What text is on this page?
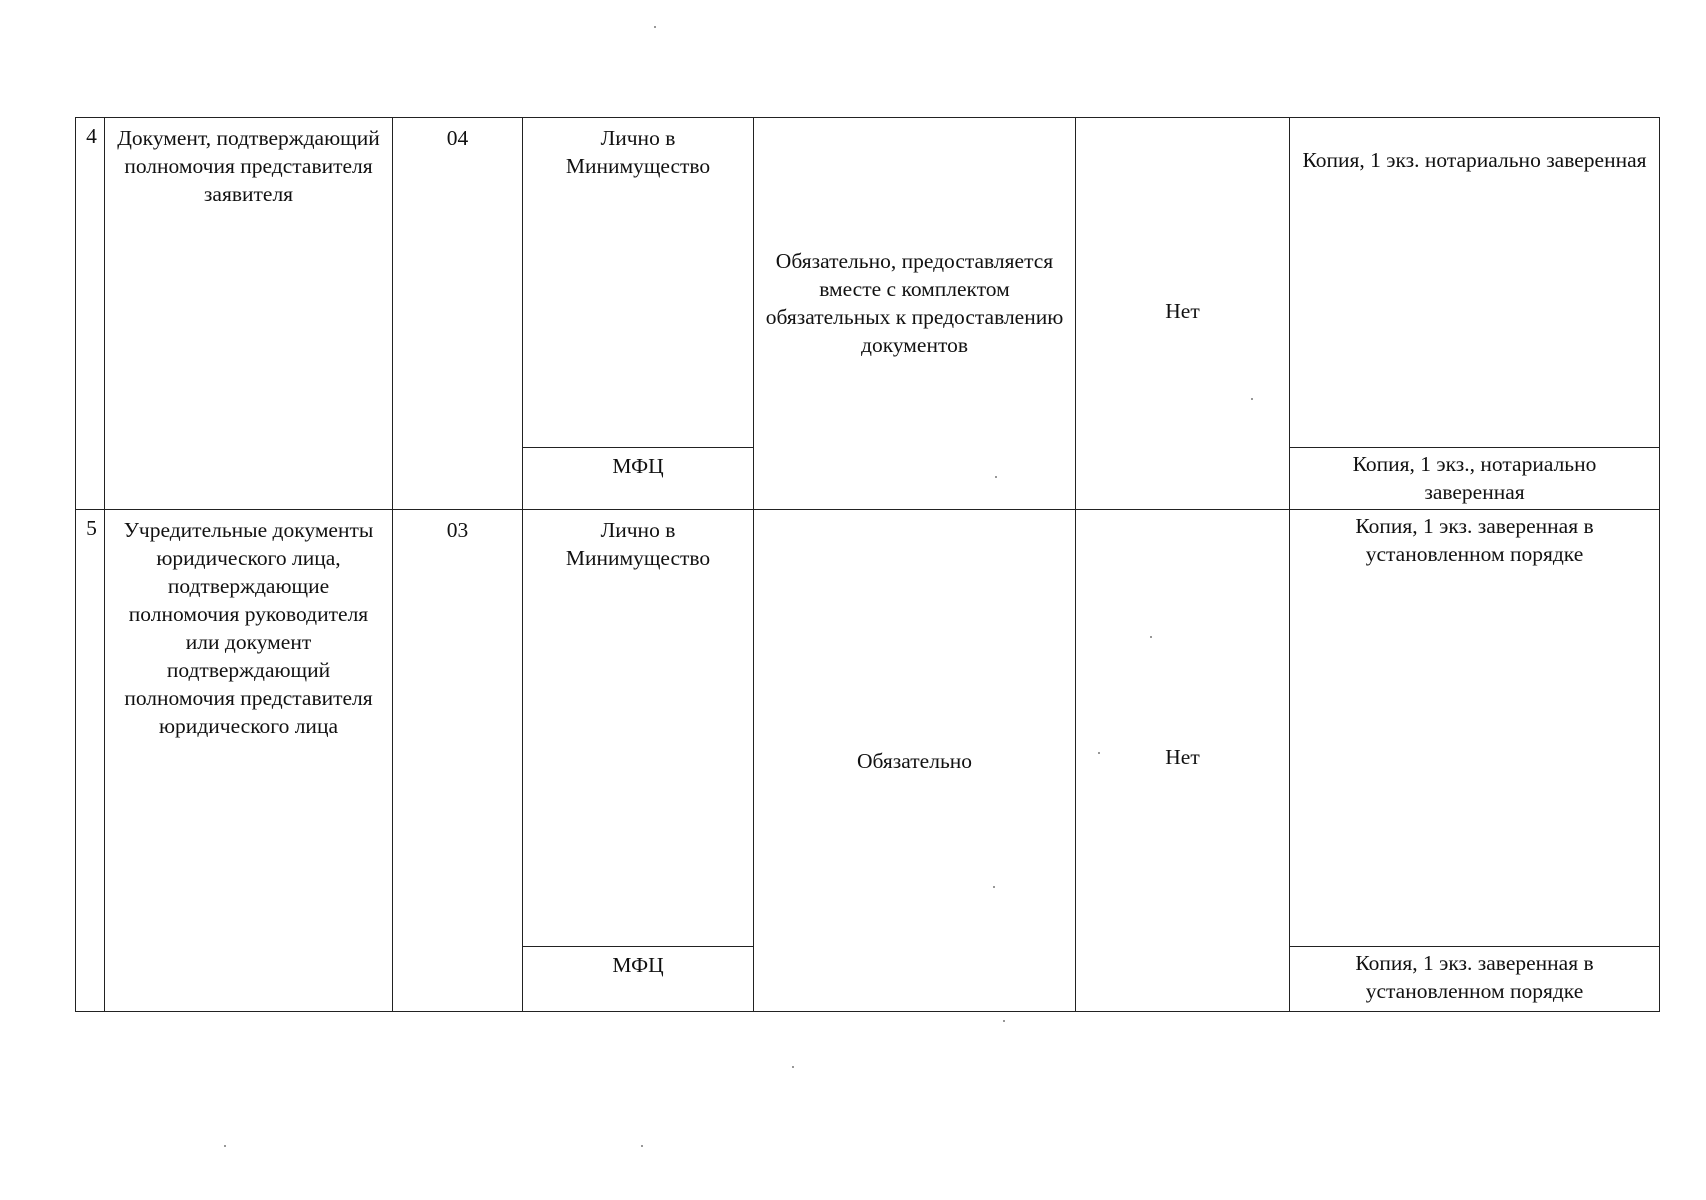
4	Документ, подтверждающий полномочия представителя заявителя	04	Лично в Минимущество	Обязательно, предоставляется вместе с комплектом обязательных к предоставлению документов	Нет	Копия, 1 экз. нотариально заверенная

			МФЦ			Копия, 1 экз., нотариально заверенная

5	Учредительные документы юридического лица, подтверждающие полномочия руководителя или документ подтверждающий полномочия представителя юридического лица	03	Лично в Минимущество	Обязательно	Нет	Копия, 1 экз. заверенная в установленном порядке

			МФЦ			Копия, 1 экз. заверенная в установленном порядке
